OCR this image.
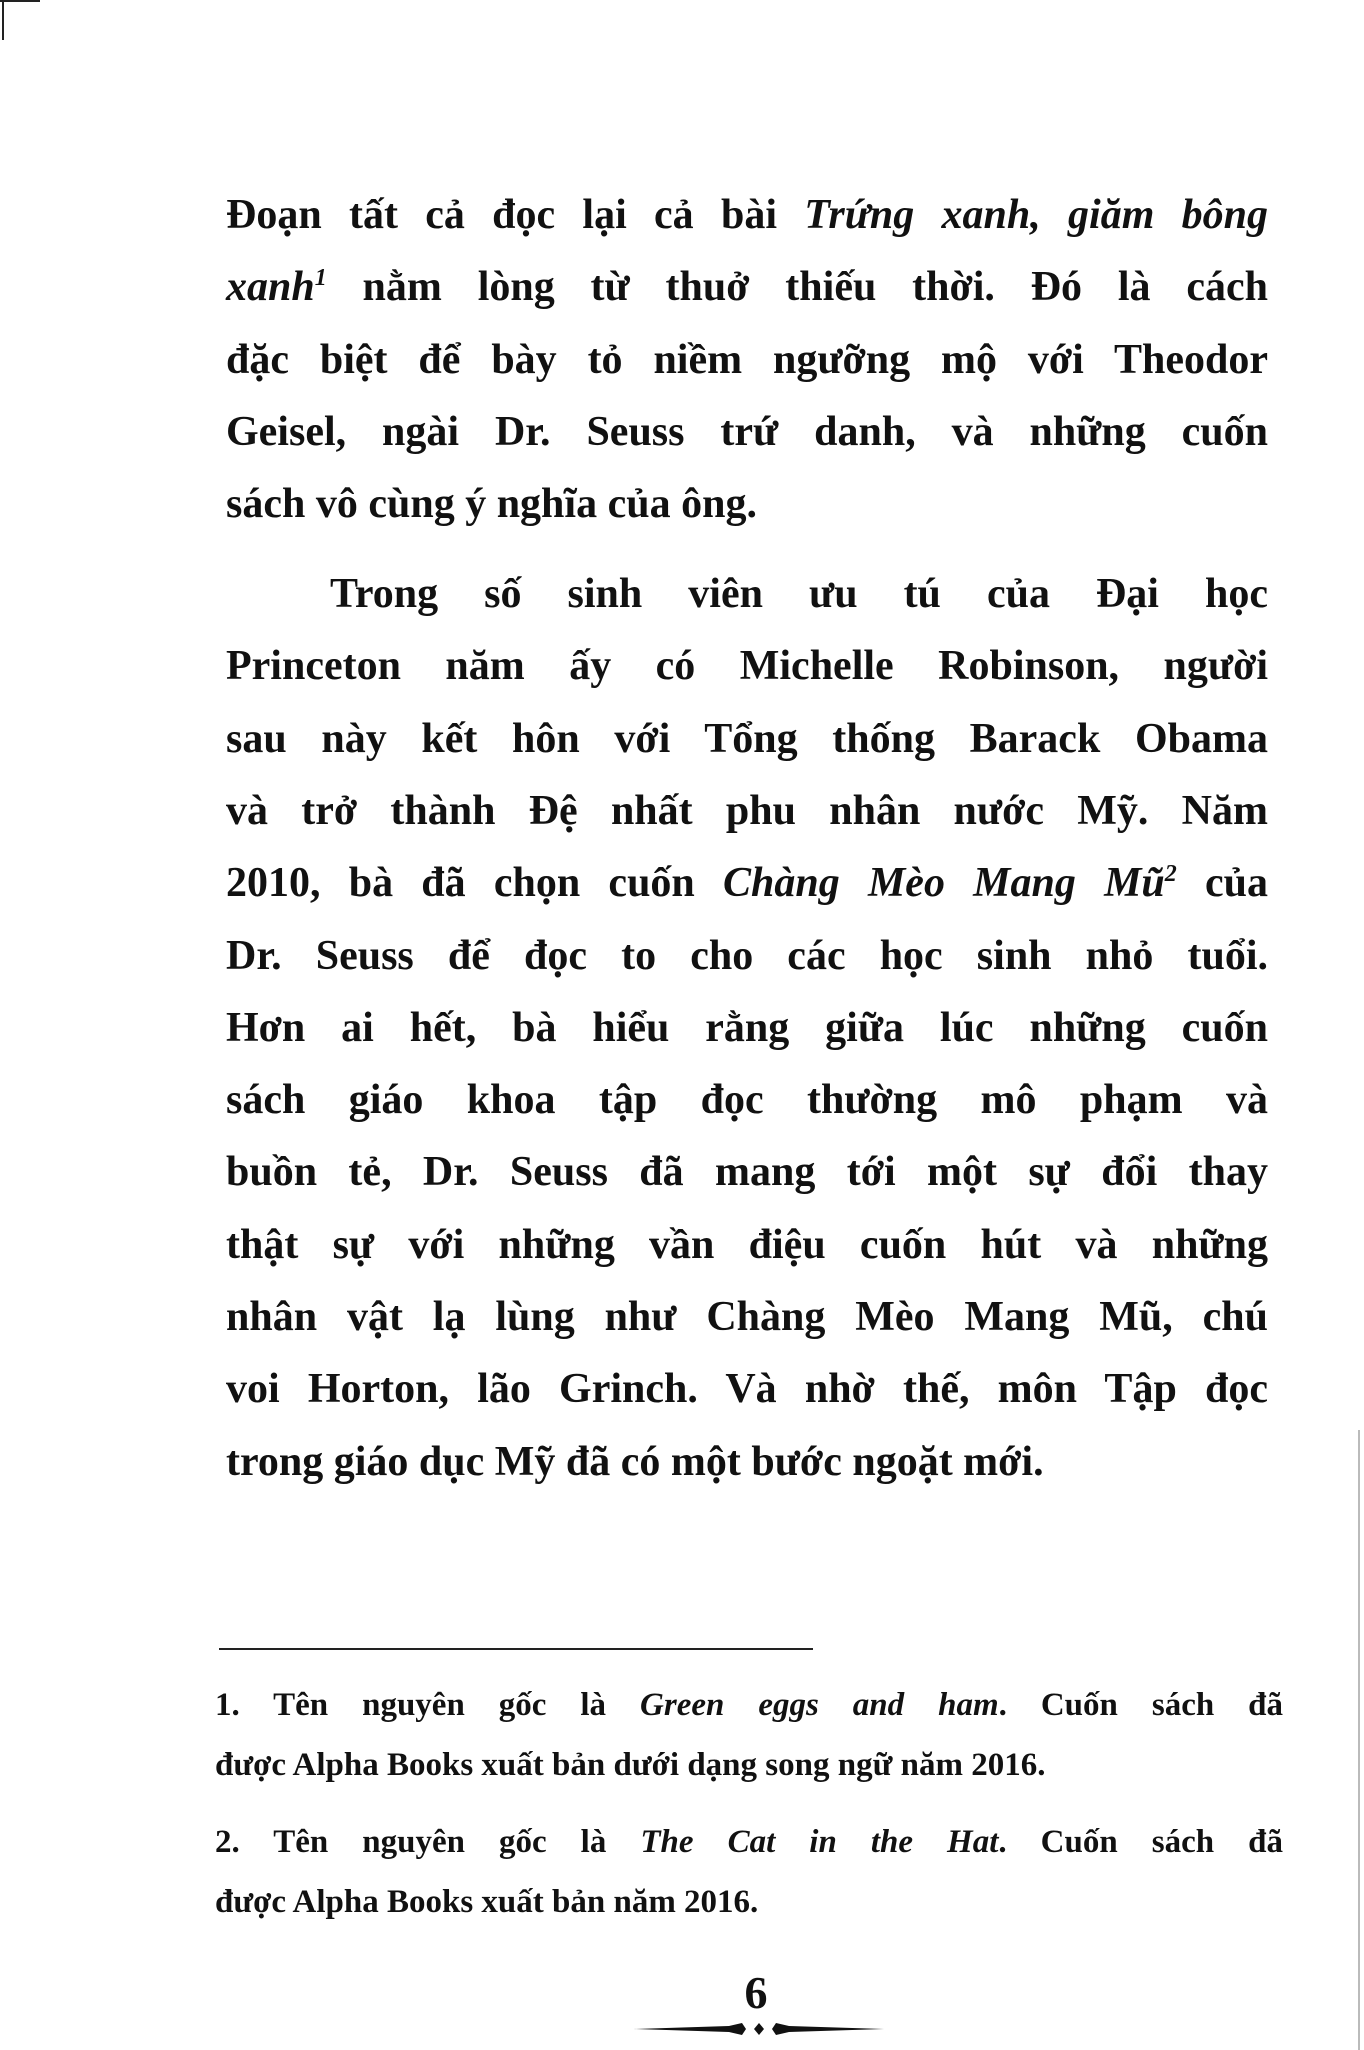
Đoạn tất cả đọc lại cả bài Trứng xanh, giăm bông
xanh$^1$ nằm lòng từ thuở thiếu thời. Đó là cách
đặc biệt để bày tỏ niềm ngưỡng mộ với Theodor
Geisel, ngài Dr. Seuss trứ danh, và những cuốn
sách vô cùng ý nghĩa của ông.
Trong số sinh viên ưu tú của Đại học
Princeton năm ấy có Michelle Robinson, người
sau này kết hôn với Tổng thống Barack Obama
và trở thành Đệ nhất phu nhân nước Mỹ. Năm
2010, bà đã chọn cuốn Chàng Mèo Mang $Mũ^2$ của
Dr. Seuss để đọc to cho các học sinh nhỏ tuổi.
Hơn ai hết, bà hiểu rằng giữa lúc những cuốn
sách giáo khoa tập đọc thường mô phạm và
buồn tẻ, Dr. Seuss đã mang tới một sự đổi thay
thật sự với những vần điệu cuốn hút và những
nhân vật lạ lùng như Chàng Mèo Mang Mũ, chú
voi Horton, lão Grinch. Và nhờ thế, môn Tập đọc
trong giáo dục Mỹ đã có một bước ngoặt mới.
1. Tên nguyên gốc là Green eggs and ham. Cuốn sách đã
được Alpha Books xuất bản dưới dạng song ngữ năm 2016.
2. Tên nguyên gốc là The Cat in the Hat. Cuốn sách đã
được Alpha Books xuất bản năm 2016.
6
